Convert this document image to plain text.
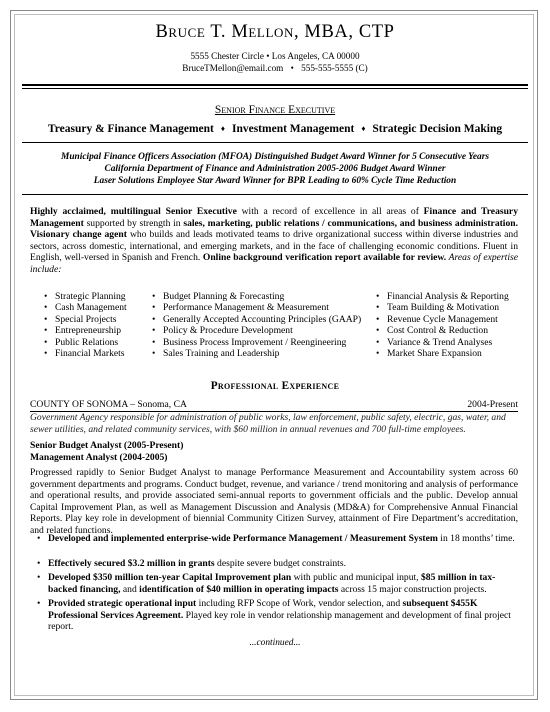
Bruce T. Mellon, MBA, CTP
5555 Chester Circle • Los Angeles, CA 00000
BruceTMellon@email.com • 555-555-5555 (C)
Senior Finance Executive
Treasury & Finance Management ♦ Investment Management ♦ Strategic Decision Making
Municipal Finance Officers Association (MFOA) Distinguished Budget Award Winner for 5 Consecutive Years
California Department of Finance and Administration 2005-2006 Budget Award Winner
Laser Solutions Employee Star Award Winner for BPR Leading to 60% Cycle Time Reduction
Highly acclaimed, multilingual Senior Executive with a record of excellence in all areas of Finance and Treasury Management supported by strength in sales, marketing, public relations / communications, and business administration. Visionary change agent who builds and leads motivated teams to drive organizational success within diverse industries and sectors, across domestic, international, and emerging markets, and in the face of challenging economic conditions. Fluent in English, well-versed in Spanish and French. Online background verification report available for review. Areas of expertise include:
• Strategic Planning
• Cash Management
• Special Projects
• Entrepreneurship
• Public Relations
• Financial Markets
• Budget Planning & Forecasting
• Performance Management & Measurement
• Generally Accepted Accounting Principles (GAAP)
• Policy & Procedure Development
• Business Process Improvement / Reengineering
• Sales Training and Leadership
• Financial Analysis & Reporting
• Team Building & Motivation
• Revenue Cycle Management
• Cost Control & Reduction
• Variance & Trend Analyses
• Market Share Expansion
Professional Experience
COUNTY OF SONOMA – Sonoma, CA	2004-Present
Government Agency responsible for administration of public works, law enforcement, public safety, electric, gas, water, and sewer utilities, and related community services, with $60 million in annual revenues and 700 full-time employees.
Senior Budget Analyst (2005-Present)
Management Analyst (2004-2005)
Progressed rapidly to Senior Budget Analyst to manage Performance Measurement and Accountability system across 60 government departments and programs. Conduct budget, revenue, and variance / trend monitoring and analysis of performance and operational results, and provide associated semi-annual reports to government officials and the public. Develop annual Capital Improvement Plan, as well as Management Discussion and Analysis (MD&A) for Comprehensive Annual Financial Reports. Play key role in development of biennial Community Citizen Survey, attainment of Fire Department’s accreditation, and related functions.
• Developed and implemented enterprise-wide Performance Management / Measurement System in 18 months’ time.
• Effectively secured $3.2 million in grants despite severe budget constraints.
• Developed $350 million ten-year Capital Improvement plan with public and municipal input, $85 million in tax-backed financing, and identification of $40 million in operating impacts across 15 major construction projects.
• Provided strategic operational input including RFP Scope of Work, vendor selection, and subsequent $455K Professional Services Agreement. Played key role in vendor relationship management and development of final project report.
...continued...
